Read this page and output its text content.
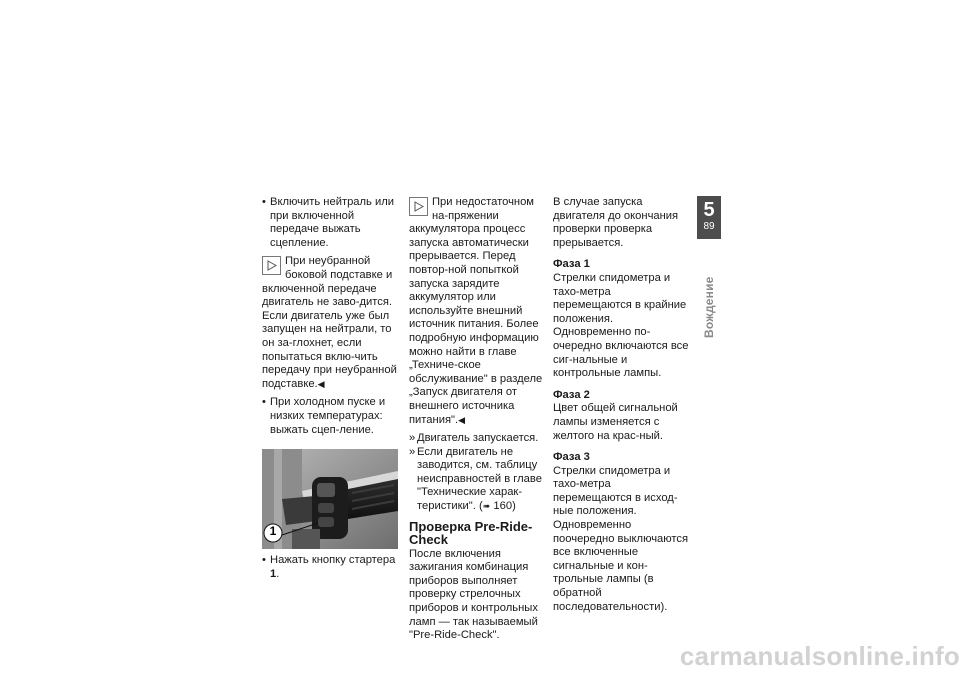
• Включить нейтраль или при включенной передаче выжать сцепление.
При неубранной боковой подставке и включенной передаче двигатель не заво-дится. Если двигатель уже был запущен на нейтрали, то он за-глохнет, если попытаться вклю-чить передачу при неубранной подставке.◀
• При холодном пуске и низких температурах: выжать сцеп-ление.
1
• Нажать кнопку стартера 1.
При недостаточном на-пряжении аккумулятора процесс запуска автоматически прерывается. Перед повтор-ной попыткой запуска зарядите аккумулятор или используйте внешний источник питания. Более подробную информацию можно найти в главе „Техниче-ское обслуживание" в разделе „Запуск двигателя от внешнего источника питания".◀
» Двигатель запускается.
» Если двигатель не заводится, см. таблицу неисправностей в главе "Технические харак-теристики". (➠ 160)
Проверка Pre-Ride-Check

После включения зажигания комбинация приборов выполняет проверку стрелочных приборов и контрольных ламп — так называемый "Pre-Ride-Check".

В случае запуска двигателя до окончания проверки проверка прерывается.

Фаза 1

Стрелки спидометра и тахо-метра перемещаются в крайние положения. Одновременно по-очередно включаются все сиг-нальные и контрольные лампы.

Фаза 2

Цвет общей сигнальной лампы изменяется с желтого на крас-ный.

Фаза 3

Стрелки спидометра и тахо-метра перемещаются в исход-ные положения. Одновременно поочередно выключаются все включенные сигнальные и кон-трольные лампы (в обратной последовательности).

5
89
Вождение
carmanualsonline.info
